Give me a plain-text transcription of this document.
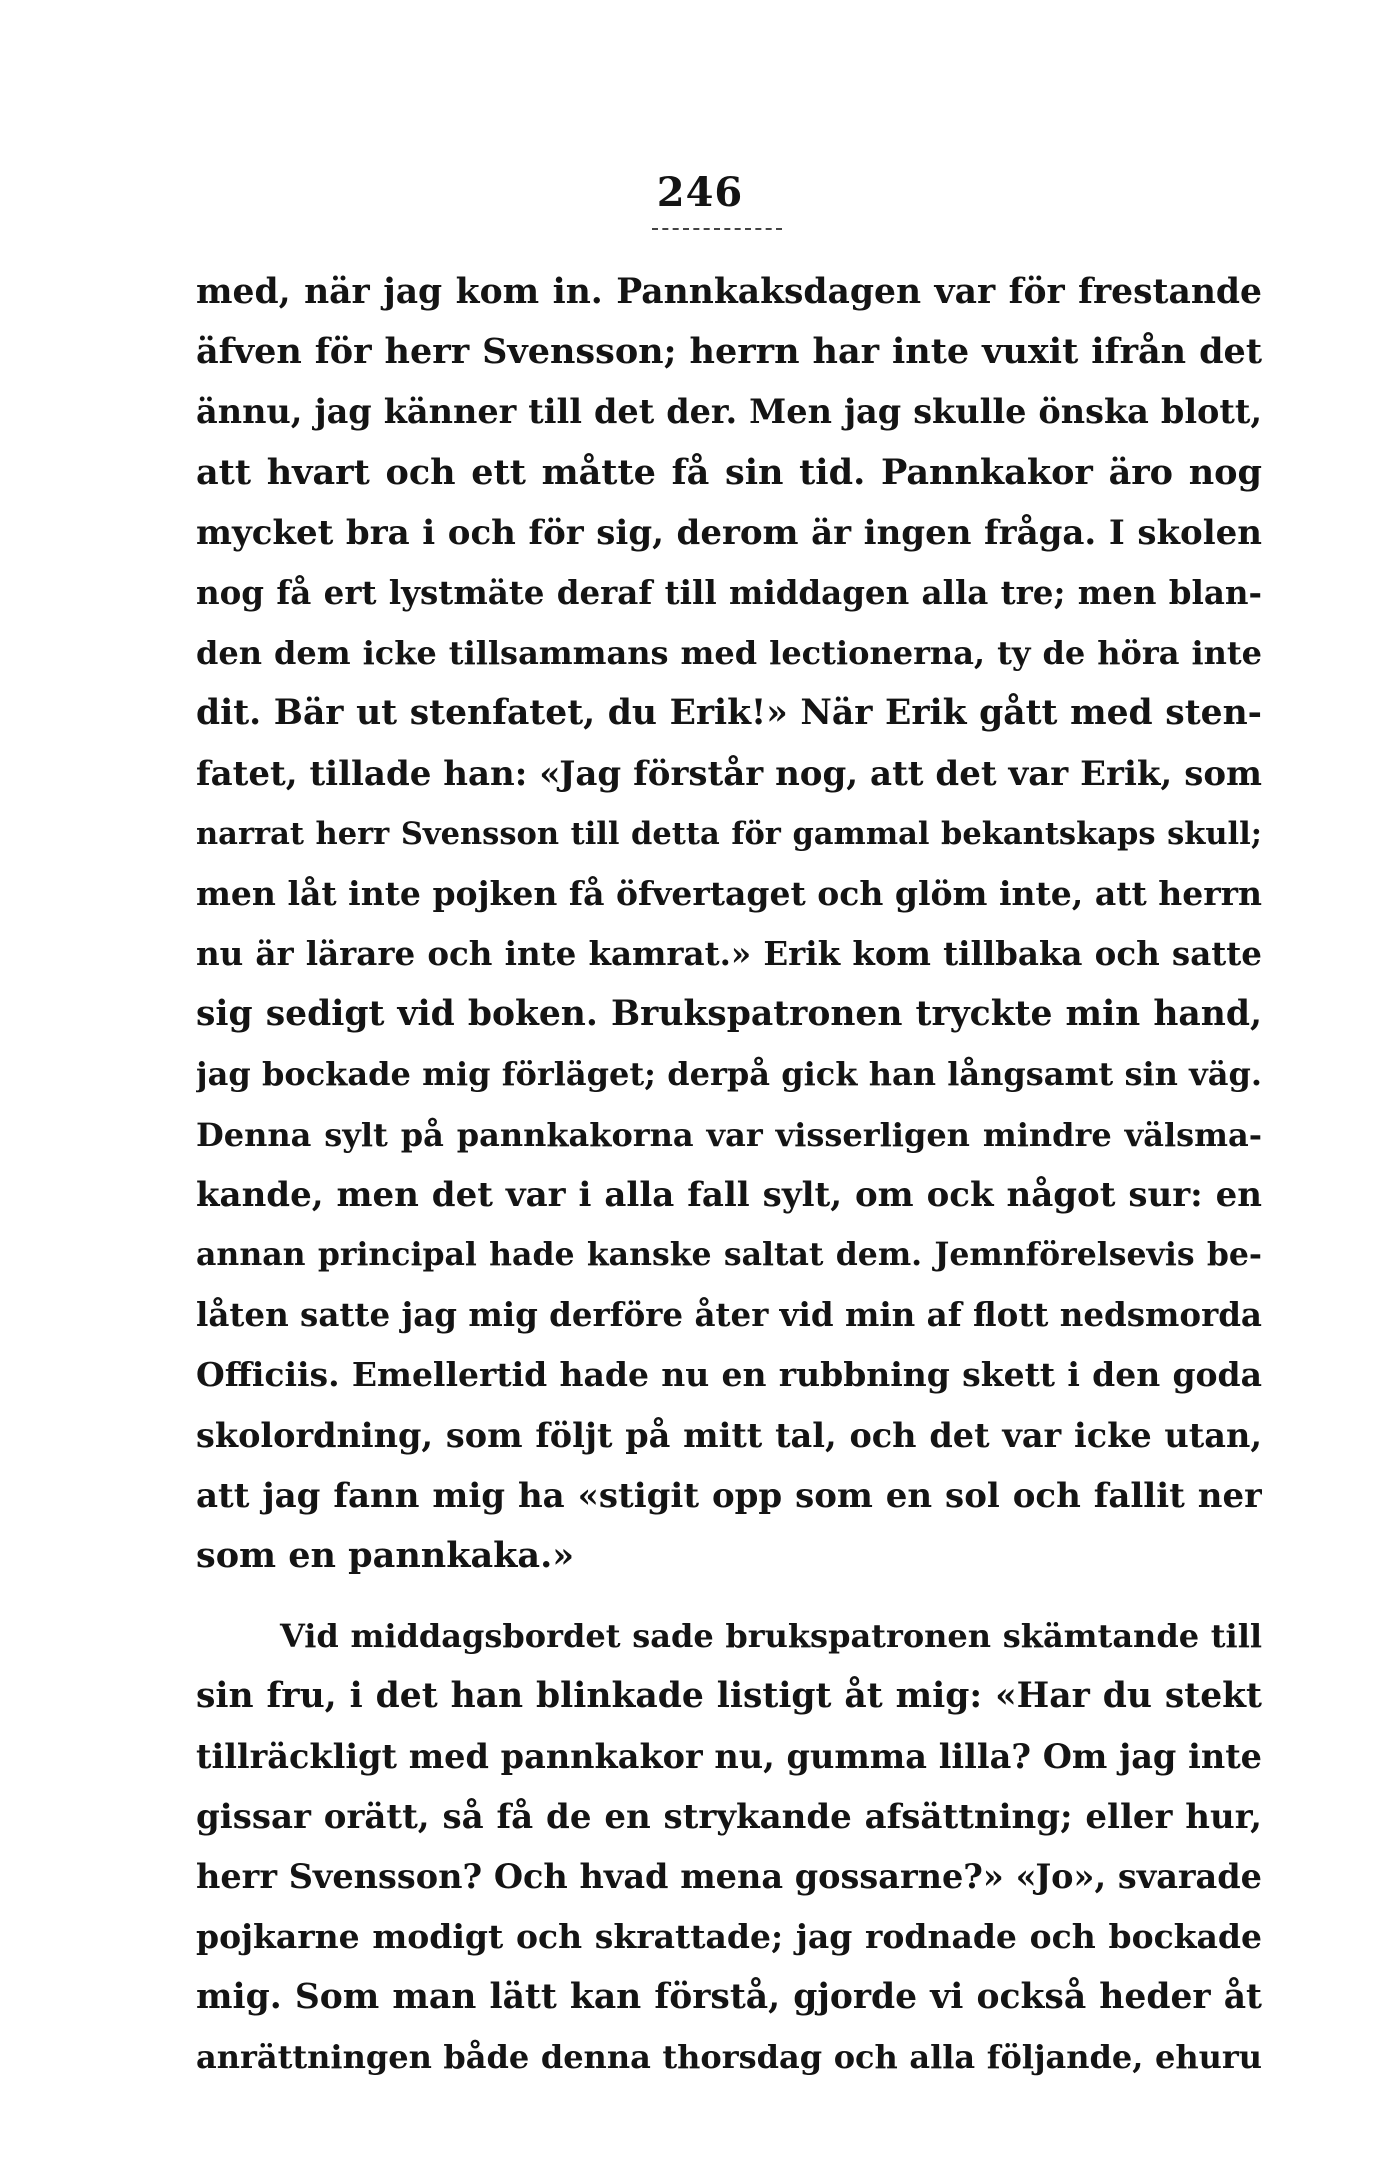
246
med, när jag kom in. Pannkaksdagen var för frestande
äfven för herr Svensson; herrn har inte vuxit ifrån det
ännu, jag känner till det der. Men jag skulle önska blott,
att hvart och ett måtte få sin tid. Pannkakor äro nog
mycket bra i och för sig, derom är ingen fråga. I skolen
nog få ert lystmäte deraf till middagen alla tre; men blan-
den dem icke tillsammans med lectionerna, ty de höra inte
dit. Bär ut stenfatet, du Erik!» När Erik gått med sten-
fatet, tillade han: «Jag förstår nog, att det var Erik, som
narrat herr Svensson till detta för gammal bekantskaps skull;
men låt inte pojken få öfvertaget och glöm inte, att herrn
nu är lärare och inte kamrat.» Erik kom tillbaka och satte
sig sedigt vid boken. Brukspatronen tryckte min hand,
jag bockade mig förläget; derpå gick han långsamt sin väg.
Denna sylt på pannkakorna var visserligen mindre välsma-
kande, men det var i alla fall sylt, om ock något sur: en
annan principal hade kanske saltat dem. Jemnförelsevis be-
låten satte jag mig derföre åter vid min af flott nedsmorda
Officiis. Emellertid hade nu en rubbning skett i den goda
skolordning, som följt på mitt tal, och det var icke utan,
att jag fann mig ha «stigit opp som en sol och fallit ner
som en pannkaka.»
Vid middagsbordet sade brukspatronen skämtande till
sin fru, i det han blinkade listigt åt mig: «Har du stekt
tillräckligt med pannkakor nu, gumma lilla? Om jag inte
gissar orätt, så få de en strykande afsättning; eller hur,
herr Svensson? Och hvad mena gossarne?» «Jo», svarade
pojkarne modigt och skrattade; jag rodnade och bockade
mig. Som man lätt kan förstå, gjorde vi också heder åt
anrättningen både denna thorsdag och alla följande, ehuru
